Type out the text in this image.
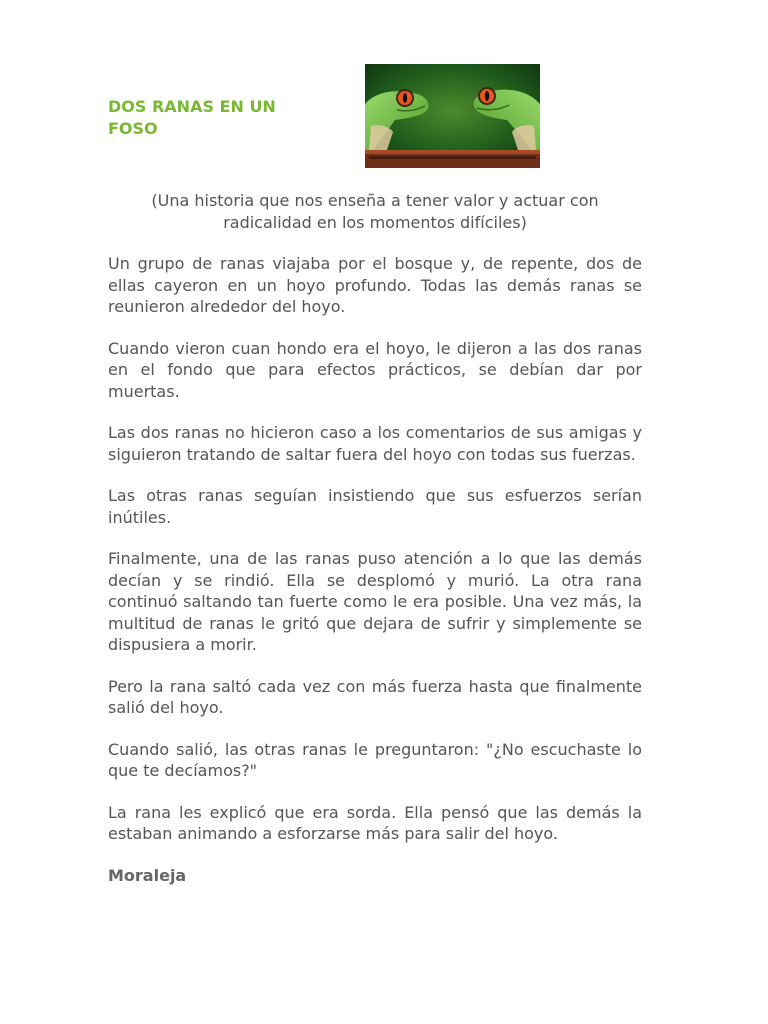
DOS RANAS EN UN FOSO

(Una historia que nos enseña a tener valor y actuar con radicalidad en los momentos difíciles)

Un grupo de ranas viajaba por el bosque y, de repente, dos de ellas cayeron en un hoyo profundo. Todas las demás ranas se reunieron alrededor del hoyo.

Cuando vieron cuan hondo era el hoyo, le dijeron a las dos ranas en el fondo que para efectos prácticos, se debían dar por muertas.

Las dos ranas no hicieron caso a los comentarios de sus amigas y siguieron tratando de saltar fuera del hoyo con todas sus fuerzas.

Las otras ranas seguían insistiendo que sus esfuerzos serían inútiles.

Finalmente, una de las ranas puso atención a lo que las demás decían y se rindió. Ella se desplomó y murió. La otra rana continuó saltando tan fuerte como le era posible. Una vez más, la multitud de ranas le gritó que dejara de sufrir y simplemente se dispusiera a morir.

Pero la rana saltó cada vez con más fuerza hasta que finalmente salió del hoyo.

Cuando salió, las otras ranas le preguntaron: "¿No escuchaste lo que te decíamos?"

La rana les explicó que era sorda. Ella pensó que las demás la estaban animando a esforzarse más para salir del hoyo.

Moraleja
